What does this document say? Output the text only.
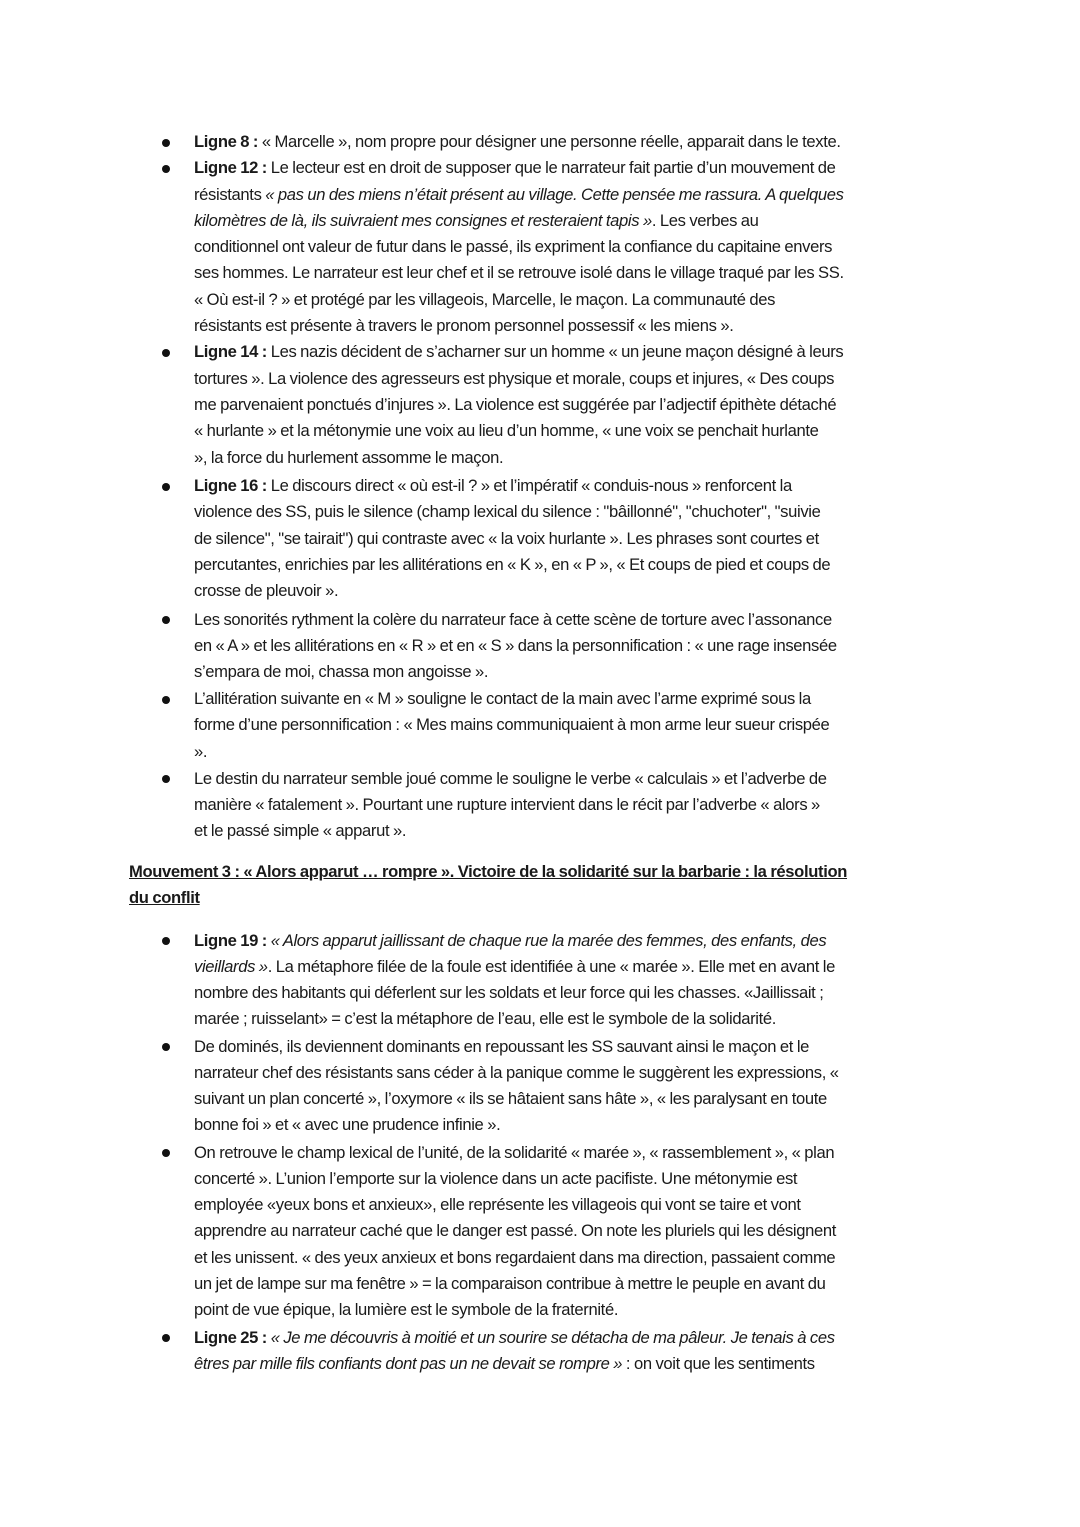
Ligne 8 : « Marcelle », nom propre pour désigner une personne réelle, apparait dans le texte.
Ligne 12 : Le lecteur est en droit de supposer que le narrateur fait partie d’un mouvement de
résistants « pas un des miens n’était présent au village. Cette pensée me rassura. A quelques
kilomètres de là, ils suivraient mes consignes et resteraient tapis ». Les verbes au
conditionnel ont valeur de futur dans le passé, ils expriment la confiance du capitaine envers
ses hommes. Le narrateur est leur chef et il se retrouve isolé dans le village traqué par les SS.
« Où est-il ? » et protégé par les villageois, Marcelle, le maçon. La communauté des
résistants est présente à travers le pronom personnel possessif « les miens ».
Ligne 14 : Les nazis décident de s’acharner sur un homme « un jeune maçon désigné à leurs
tortures ». La violence des agresseurs est physique et morale, coups et injures, « Des coups
me parvenaient ponctués d’injures ». La violence est suggérée par l’adjectif épithète détaché
« hurlante » et la métonymie une voix au lieu d’un homme, « une voix se penchait hurlante
», la force du hurlement assomme le maçon.
Ligne 16 : Le discours direct « où est-il ? » et l’impératif « conduis-nous » renforcent la
violence des SS, puis le silence (champ lexical du silence : "bâillonné", "chuchoter", "suivie
de silence", "se tairait") qui contraste avec « la voix hurlante ». Les phrases sont courtes et
percutantes, enrichies par les allitérations en « K », en « P », « Et coups de pied et coups de
crosse de pleuvoir ».
Les sonorités rythment la colère du narrateur face à cette scène de torture avec l’assonance
en « A » et les allitérations en « R » et en « S » dans la personnification : « une rage insensée
s’empara de moi, chassa mon angoisse ».
L’allitération suivante en « M » souligne le contact de la main avec l’arme exprimé sous la
forme d’une personnification : « Mes mains communiquaient à mon arme leur sueur crispée
».
Le destin du narrateur semble joué comme le souligne le verbe « calculais » et l’adverbe de
manière « fatalement ». Pourtant une rupture intervient dans le récit par l’adverbe « alors »
et le passé simple « apparut ».
Mouvement 3 : « Alors apparut … rompre ». Victoire de la solidarité sur la barbarie : la résolution
du conflit
Ligne 19 : « Alors apparut jaillissant de chaque rue la marée des femmes, des enfants, des
vieillards ». La métaphore filée de la foule est identifiée à une « marée ». Elle met en avant le
nombre des habitants qui déferlent sur les soldats et leur force qui les chasses. «Jaillissait ;
marée ; ruisselant» = c’est la métaphore de l’eau, elle est le symbole de la solidarité.
De dominés, ils deviennent dominants en repoussant les SS sauvant ainsi le maçon et le
narrateur chef des résistants sans céder à la panique comme le suggèrent les expressions, «
suivant un plan concerté », l’oxymore « ils se hâtaient sans hâte », « les paralysant en toute
bonne foi » et « avec une prudence infinie ».
On retrouve le champ lexical de l’unité, de la solidarité « marée », « rassemblement », « plan
concerté ». L’union l’emporte sur la violence dans un acte pacifiste. Une métonymie est
employée «yeux bons et anxieux», elle représente les villageois qui vont se taire et vont
apprendre au narrateur caché que le danger est passé. On note les pluriels qui les désignent
et les unissent. « des yeux anxieux et bons regardaient dans ma direction, passaient comme
un jet de lampe sur ma fenêtre » = la comparaison contribue à mettre le peuple en avant du
point de vue épique, la lumière est le symbole de la fraternité.
Ligne 25 : « Je me découvris à moitié et un sourire se détacha de ma pâleur. Je tenais à ces
êtres par mille fils confiants dont pas un ne devait se rompre » : on voit que les sentiments
